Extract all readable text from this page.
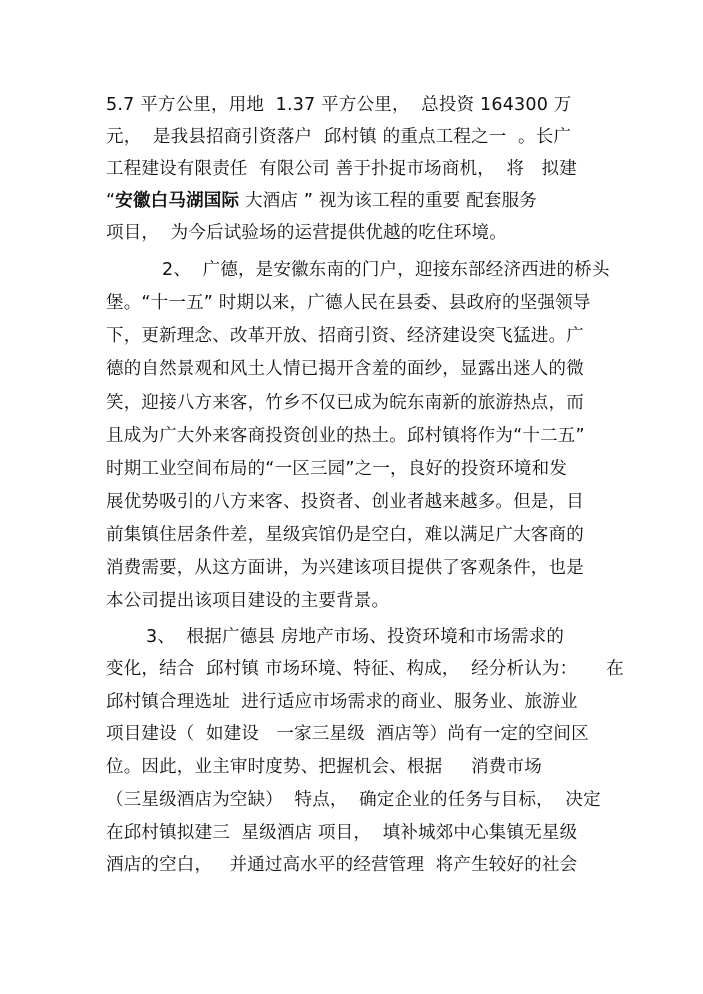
5.7 平方公里，用地  1.37 平方公里，  总投资 164300 万
元，  是我县招商引资落户  邱村镇 的重点工程之一  。长广
工程建设有限责任  有限公司 善于扑捉市场商机，  将   拟建
“安徽白马湖国际 大酒店 ” 视为该工程的重要 配套服务
项目，  为今后试验场的运营提供优越的吃住环境。
2、  广德，是安徽东南的门户，迎接东部经济西进的桥头
堡。“十一五” 时期以来，广德人民在县委、县政府的坚强领导
下，更新理念、改革开放、招商引资、经济建设突飞猛进。广
德的自然景观和风土人情已揭开含羞的面纱，显露出迷人的微
笑，迎接八方来客，竹乡不仅已成为皖东南新的旅游热点，而
且成为广大外来客商投资创业的热土。邱村镇将作为“十二五”
时期工业空间布局的“一区三园”之一，良好的投资环境和发
展优势吸引的八方来客、投资者、创业者越来越多。但是，目
前集镇住居条件差，星级宾馆仍是空白，难以满足广大客商的
消费需要，从这方面讲，为兴建该项目提供了客观条件，也是
本公司提出该项目建设的主要背景。
3、  根据广德县 房地产市场、投资环境和市场需求的
变化，结合  邱村镇 市场环境、特征、构成，  经分析认为：     在
邱村镇合理选址  进行适应市场需求的商业、服务业、旅游业
项目建设（  如建设   一家三星级  酒店等）尚有一定的空间区
位。因此，业主审时度势、把握机会、根据     消费市场
（三星级酒店为空缺）  特点，  确定企业的任务与目标，  决定
在邱村镇拟建三  星级酒店 项目，  填补城郊中心集镇无星级
酒店的空白，   并通过高水平的经营管理  将产生较好的社会
